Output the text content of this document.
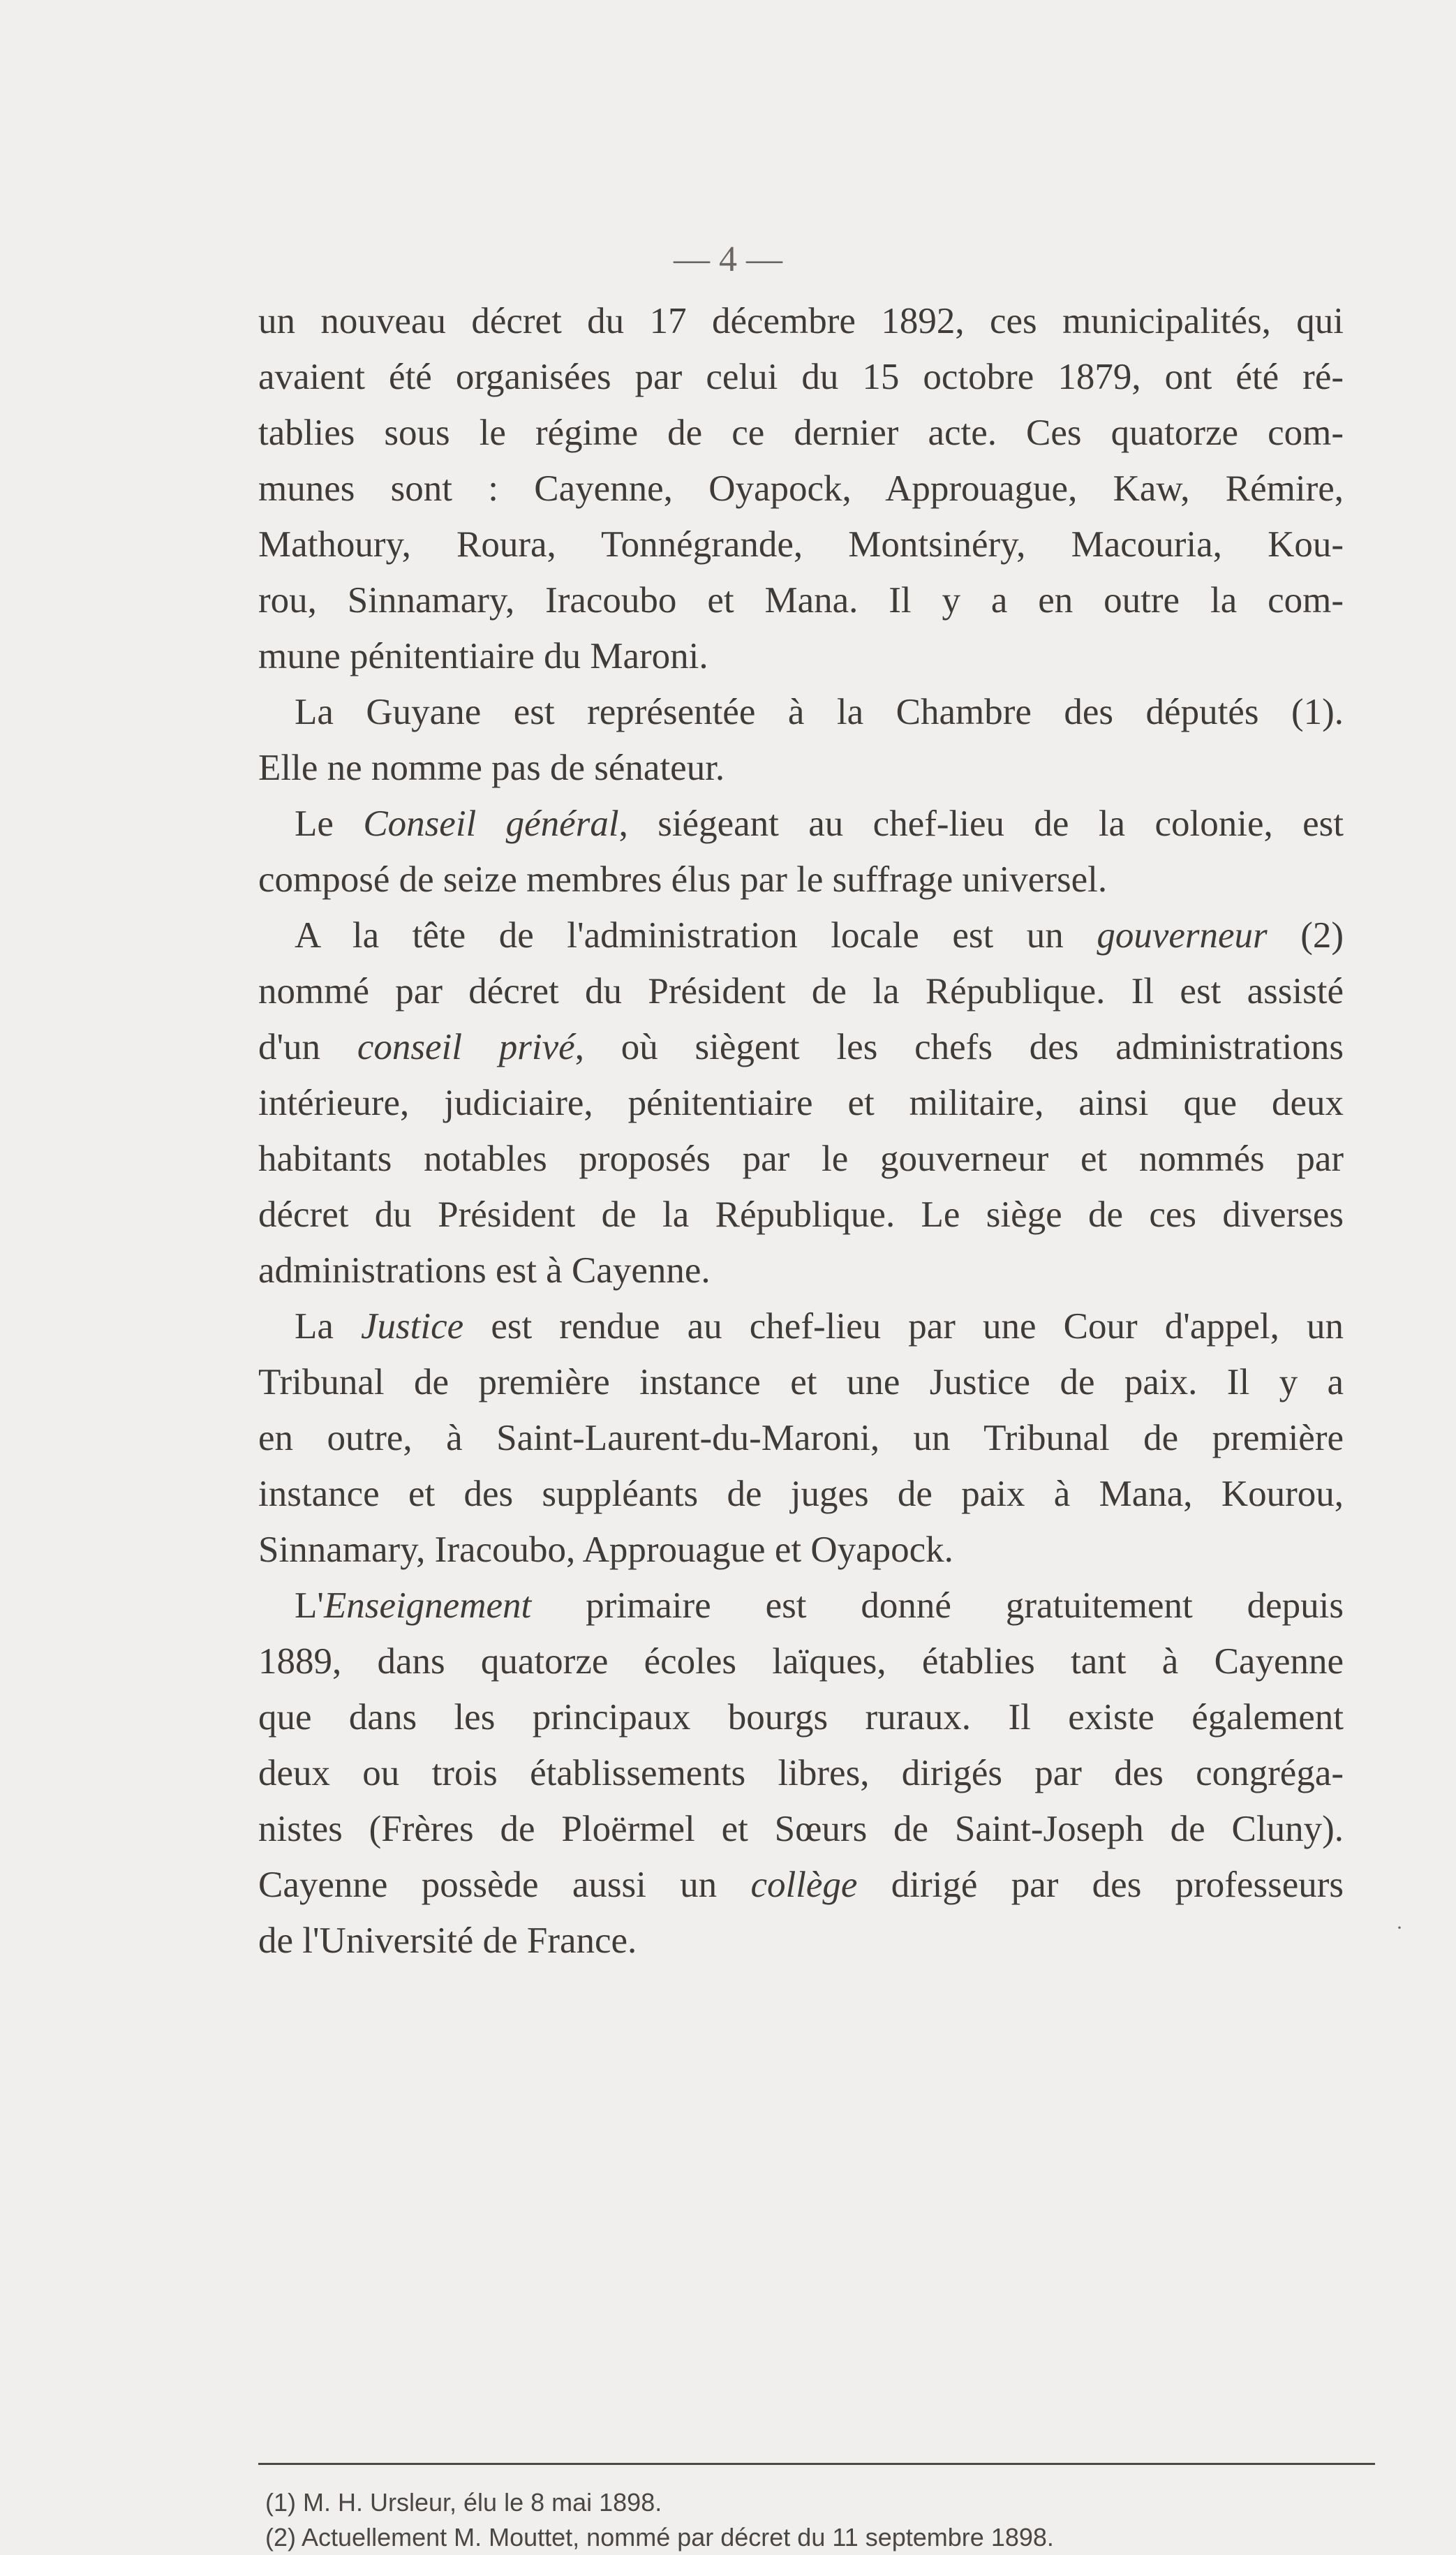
— 4 —
un nouveau décret du 17 décembre 1892, ces municipalités, qui
avaient été organisées par celui du 15 octobre 1879, ont été ré-
tablies sous le régime de ce dernier acte. Ces quatorze com-
munes sont : Cayenne, Oyapock, Approuague, Kaw, Rémire,
Mathoury, Roura, Tonnégrande, Montsinéry, Macouria, Kou-
rou, Sinnamary, Iracoubo et Mana. Il y a en outre la com-
mune pénitentiaire du Maroni.
La Guyane est représentée à la Chambre des députés (1).
Elle ne nomme pas de sénateur.
Le Conseil général, siégeant au chef-lieu de la colonie, est
composé de seize membres élus par le suffrage universel.
A la tête de l'administration locale est un gouverneur (2)
nommé par décret du Président de la République. Il est assisté
d'un conseil privé, où siègent les chefs des administrations
intérieure, judiciaire, pénitentiaire et militaire, ainsi que deux
habitants notables proposés par le gouverneur et nommés par
décret du Président de la République. Le siège de ces diverses
administrations est à Cayenne.
La Justice est rendue au chef-lieu par une Cour d'appel, un
Tribunal de première instance et une Justice de paix. Il y a
en outre, à Saint-Laurent-du-Maroni, un Tribunal de première
instance et des suppléants de juges de paix à Mana, Kourou,
Sinnamary, Iracoubo, Approuague et Oyapock.
L'Enseignement primaire est donné gratuitement depuis
1889, dans quatorze écoles laïques, établies tant à Cayenne
que dans les principaux bourgs ruraux. Il existe également
deux ou trois établissements libres, dirigés par des congréga-
nistes (Frères de Ploërmel et Sœurs de Saint-Joseph de Cluny).
Cayenne possède aussi un collège dirigé par des professeurs
de l'Université de France.	·
(1) M. H. Ursleur, élu le 8 mai 1898.
(2) Actuellement M. Mouttet, nommé par décret du 11 septembre 1898.
